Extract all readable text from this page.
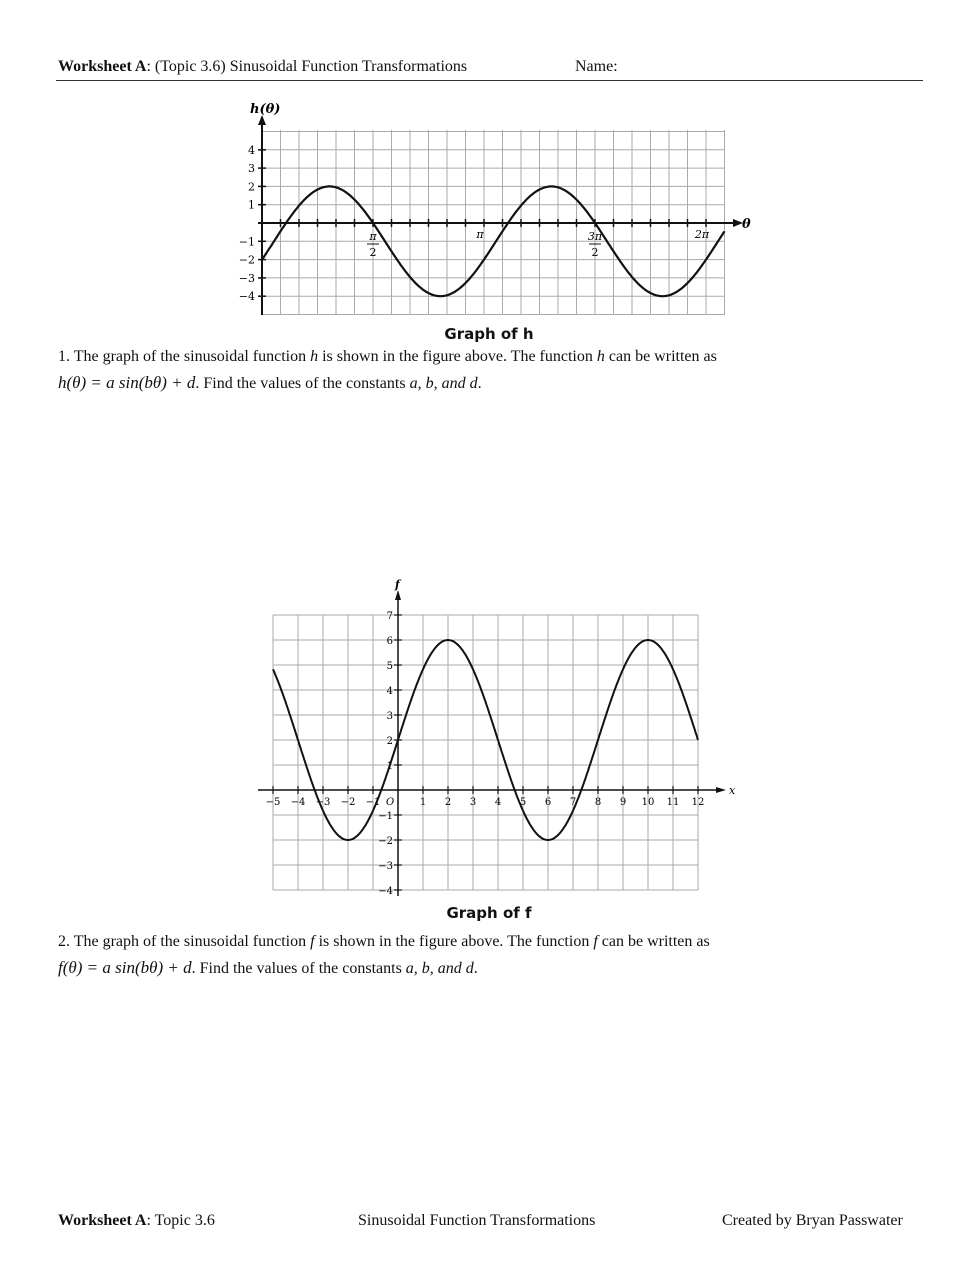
Worksheet A: (Topic 3.6) Sinusoidal Function Transformations	Name:
h(θ)
θ
4
3
2
1
−1
−2
−3
−4
π
2
π	3π
2
2π
Graph of h
1. The graph of the sinusoidal function h is shown in the figure above. The function h can be written as
h(θ) = a sin(bθ) + d. Find the values of the constants a, b, and d.
f
x
O
7
6
5
4
3
2
1
−1
−2
−3
−4
−5 −4 −3 −2 −1	1 2 3 4 5 6 7 8 9 10 11 12
Graph of f
2. The graph of the sinusoidal function f is shown in the figure above. The function f can be written as
f(θ) = a sin(bθ) + d. Find the values of the constants a, b, and d.
Worksheet A: Topic 3.6	Sinusoidal Function Transformations	Created by Bryan Passwater
